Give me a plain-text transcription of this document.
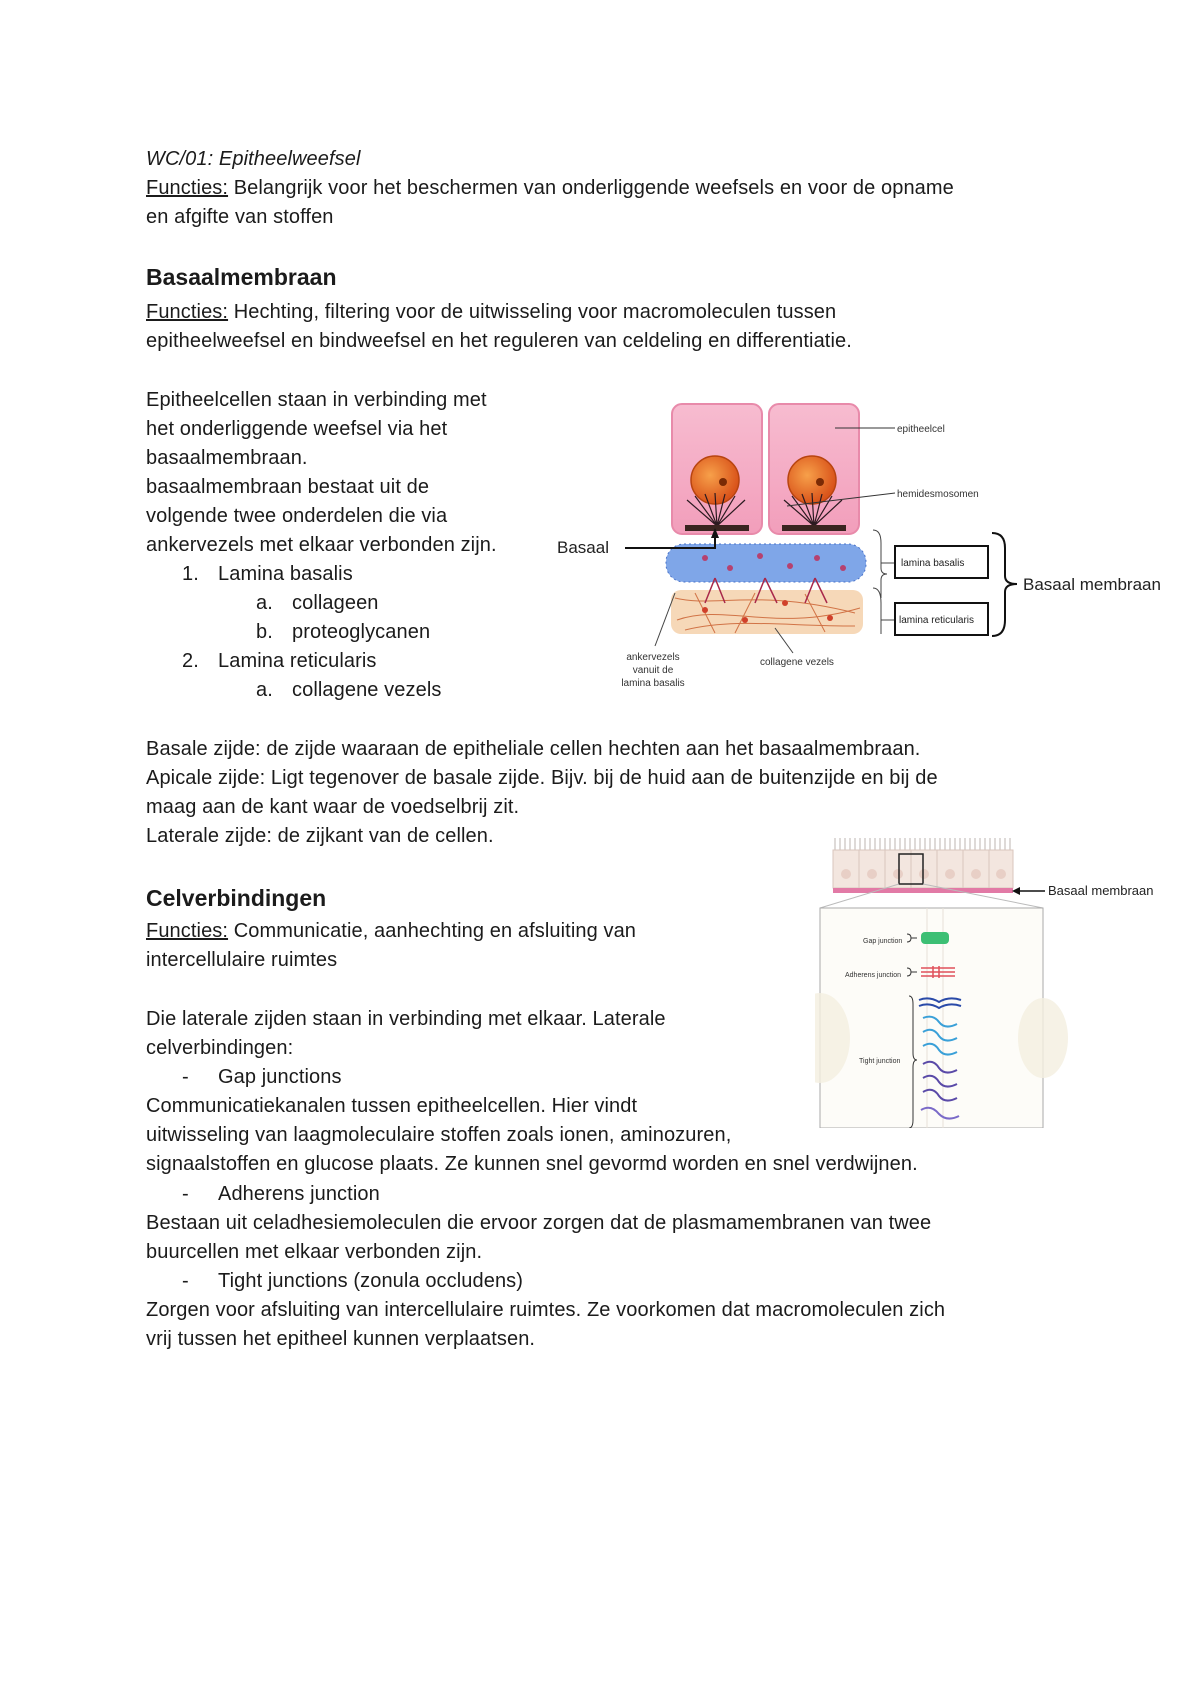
WC/01: Epitheelweefsel
Functies: Belangrijk voor het beschermen van onderliggende weefsels en voor de opname
en afgifte van stoffen
Basaalmembraan
Functies: Hechting, filtering voor de uitwisseling voor macromoleculen tussen
epitheelweefsel en bindweefsel en het reguleren van celdeling en differentiatie.
Epitheelcellen staan in verbinding met
het onderliggende weefsel via het
basaalmembraan.
basaalmembraan bestaat uit de
volgende twee onderdelen die via
ankervezels met elkaar verbonden zijn.
1. Lamina basalis
a. collageen
b. proteoglycanen
2. Lamina reticularis
a. collagene vezels
Basale zijde: de zijde waaraan de epitheliale cellen hechten aan het basaalmembraan.
Apicale zijde: Ligt tegenover de basale zijde. Bijv. bij de huid aan de buitenzijde en bij de
maag aan de kant waar de voedselbrij zit.
Laterale zijde: de zijkant van de cellen.
Celverbindingen
Functies: Communicatie, aanhechting en afsluiting van
intercellulaire ruimtes
Die laterale zijden staan in verbinding met elkaar. Laterale
celverbindingen:
- Gap junctions
Communicatiekanalen tussen epitheelcellen. Hier vindt
uitwisseling van laagmoleculaire stoffen zoals ionen, aminozuren,
signaalstoffen en glucose plaats. Ze kunnen snel gevormd worden en snel verdwijnen.
- Adherens junction
Bestaan uit celadhesiemoleculen die ervoor zorgen dat de plasmamembranen van twee
buurcellen met elkaar verbonden zijn.
- Tight junctions (zonula occludens)
Zorgen voor afsluiting van intercellulaire ruimtes. Ze voorkomen dat macromoleculen zich
vrij tussen het epitheel kunnen verplaatsen.
Basaal
epitheelcel
hemidesmosomen
lamina basalis
lamina reticularis
Basaal membraan
ankervezels
vanuit de
lamina basalis
collagene vezels
Basaal membraan
Gap junction
Adherens junction
Tight junction
